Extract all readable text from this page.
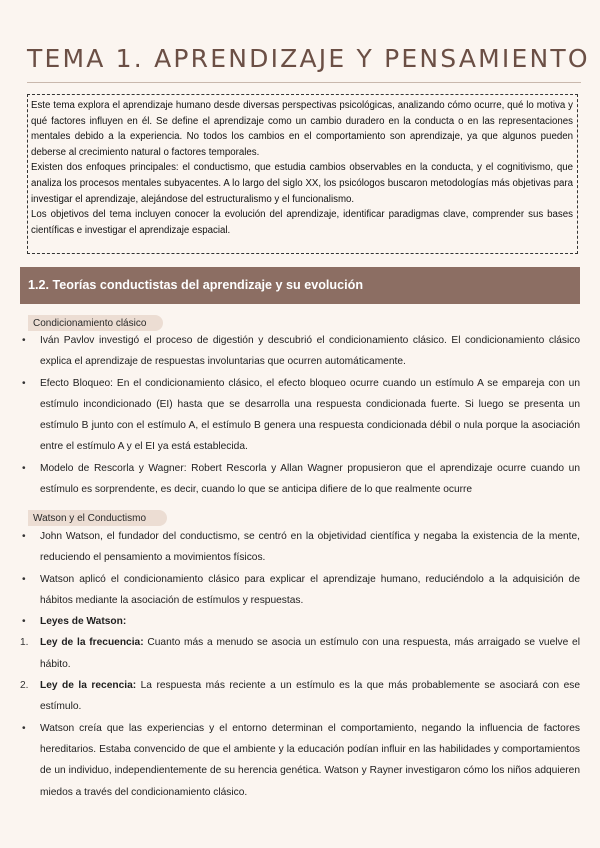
TEMA 1. APRENDIZAJE Y PENSAMIENTO

Este tema explora el aprendizaje humano desde diversas perspectivas psicológicas, analizando cómo ocurre, qué lo motiva y qué factores influyen en él. Se define el aprendizaje como un cambio duradero en la conducta o en las representaciones mentales debido a la experiencia. No todos los cambios en el comportamiento son aprendizaje, ya que algunos pueden deberse al crecimiento natural o factores temporales.

Existen dos enfoques principales: el conductismo, que estudia cambios observables en la conducta, y el cognitivismo, que analiza los procesos mentales subyacentes. A lo largo del siglo XX, los psicólogos buscaron metodologías más objetivas para investigar el aprendizaje, alejándose del estructuralismo y el funcionalismo.

Los objetivos del tema incluyen conocer la evolución del aprendizaje, identificar paradigmas clave, comprender sus bases científicas e investigar el aprendizaje espacial.

1.2. Teorías conductistas del aprendizaje y su evolución
Condicionamiento clásico
•	Iván Pavlov investigó el proceso de digestión y descubrió el condicionamiento clásico. El condicionamiento clásico explica el aprendizaje de respuestas involuntarias que ocurren automáticamente.
•	Efecto Bloqueo: En el condicionamiento clásico, el efecto bloqueo ocurre cuando un estímulo A se empareja con un estímulo incondicionado (EI) hasta que se desarrolla una respuesta condicionada fuerte. Si luego se presenta un estímulo B junto con el estímulo A, el estímulo B genera una respuesta condicionada débil o nula porque la asociación entre el estímulo A y el EI ya está establecida.
•	Modelo de Rescorla y Wagner: Robert Rescorla y Allan Wagner propusieron que el aprendizaje ocurre cuando un estímulo es sorprendente, es decir, cuando lo que se anticipa difiere de lo que realmente ocurre
Watson y el Conductismo
•	John Watson, el fundador del conductismo, se centró en la objetividad científica y negaba la existencia de la mente, reduciendo el pensamiento a movimientos físicos.
•	Watson aplicó el condicionamiento clásico para explicar el aprendizaje humano, reduciéndolo a la adquisición de hábitos mediante la asociación de estímulos y respuestas.
•	Leyes de Watson:
1.	Ley de la frecuencia: Cuanto más a menudo se asocia un estímulo con una respuesta, más arraigado se vuelve el hábito.
2.	Ley de la recencia: La respuesta más reciente a un estímulo es la que más probablemente se asociará con ese estímulo.
•	Watson creía que las experiencias y el entorno determinan el comportamiento, negando la influencia de factores hereditarios. Estaba convencido de que el ambiente y la educación podían influir en las habilidades y comportamientos de un individuo, independientemente de su herencia genética. Watson y Rayner investigaron cómo los niños adquieren miedos a través del condicionamiento clásico.
